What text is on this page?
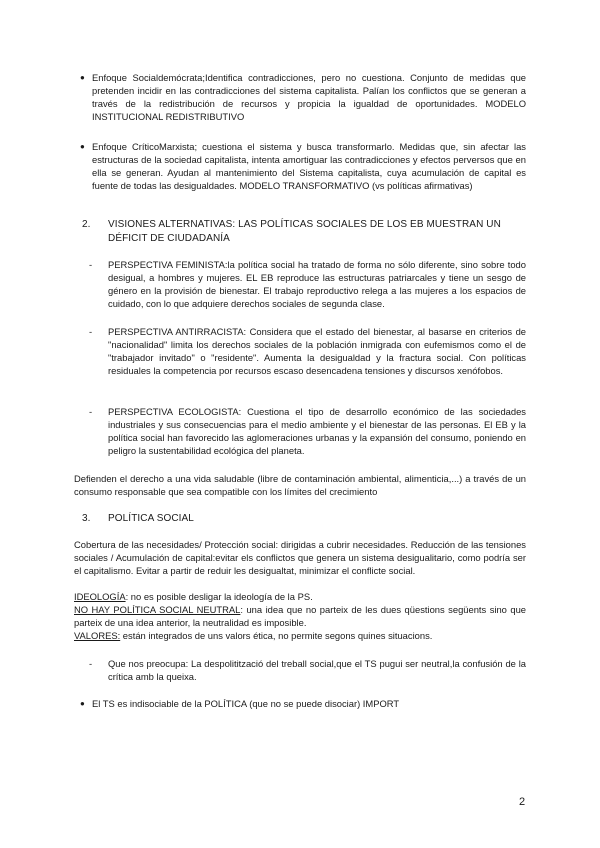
● Enfoque Socialdemócrata;Identifica contradicciones, pero no cuestiona. Conjunto de medidas que pretenden incidir en las contradicciones del sistema capitalista. Palían los conflictos que se generan a través de la redistribución de recursos y propicia la igualdad de oportunidades. MODELO INSTITUCIONAL REDISTRIBUTIVO
● Enfoque CríticoMarxista; cuestiona el sistema y busca transformarlo. Medidas que, sin afectar las estructuras de la sociedad capitalista, intenta amortiguar las contradicciones y efectos perversos que en ella se generan. Ayudan al mantenimiento del Sistema capitalista, cuya acumulación de capital es fuente de todas las desigualdades. MODELO TRANSFORMATIVO (vs políticas afirmativas)
2. VISIONES ALTERNATIVAS: LAS POLÍTICAS SOCIALES DE LOS EB MUESTRAN UN DÉFICIT DE CIUDADANÍA
- PERSPECTIVA FEMINISTA:la política social ha tratado de forma no sólo diferente, sino sobre todo desigual, a hombres y mujeres. EL EB reproduce las estructuras patriarcales y tiene un sesgo de género en la provisión de bienestar. El trabajo reproductivo relega a las mujeres a los espacios de cuidado, con lo que adquiere derechos sociales de segunda clase.
- PERSPECTIVA ANTIRRACISTA: Considera que el estado del bienestar, al basarse en criterios de "nacionalidad" limita los derechos sociales de la población inmigrada con eufemismos como el de "trabajador invitado" o "residente". Aumenta la desigualdad y la fractura social. Con políticas residuales la competencia por recursos escaso desencadena tensiones y discursos xenófobos.
- PERSPECTIVA ECOLOGISTA: Cuestiona el tipo de desarrollo económico de las sociedades industriales y sus consecuencias para el medio ambiente y el bienestar de las personas. El EB y la política social han favorecido las aglomeraciones urbanas y la expansión del consumo, poniendo en peligro la sustentabilidad ecológica del planeta.
Defienden el derecho a una vida saludable (libre de contaminación ambiental, alimenticia,...) a través de un consumo responsable que sea compatible con los límites del crecimiento
3. POLÍTICA SOCIAL
Cobertura de las necesidades/ Protección social: dirigidas a cubrir necesidades. Reducción de las tensiones sociales / Acumulación de capital:evitar els conflictos que genera un sistema desigualitario, como podría ser el capitalismo. Evitar a partir de reduir les desigualtat, minimizar el conflicte social.
IDEOLOGÍA: no es posible desligar la ideología de la PS.
NO HAY POLÍTICA SOCIAL NEUTRAL: una idea que no parteix de les dues qüestions següents sino que parteix de una idea anterior, la neutralidad es imposible.
VALORES: están integrados de uns valors ética, no permite segons quines situacions.
- Que nos preocupa: La despolitització del treball social,que el TS pugui ser neutral,la confusión de la crítica amb la queixa.
● El TS es indisociable de la POLÍTICA (que no se puede disociar) IMPORT
2
